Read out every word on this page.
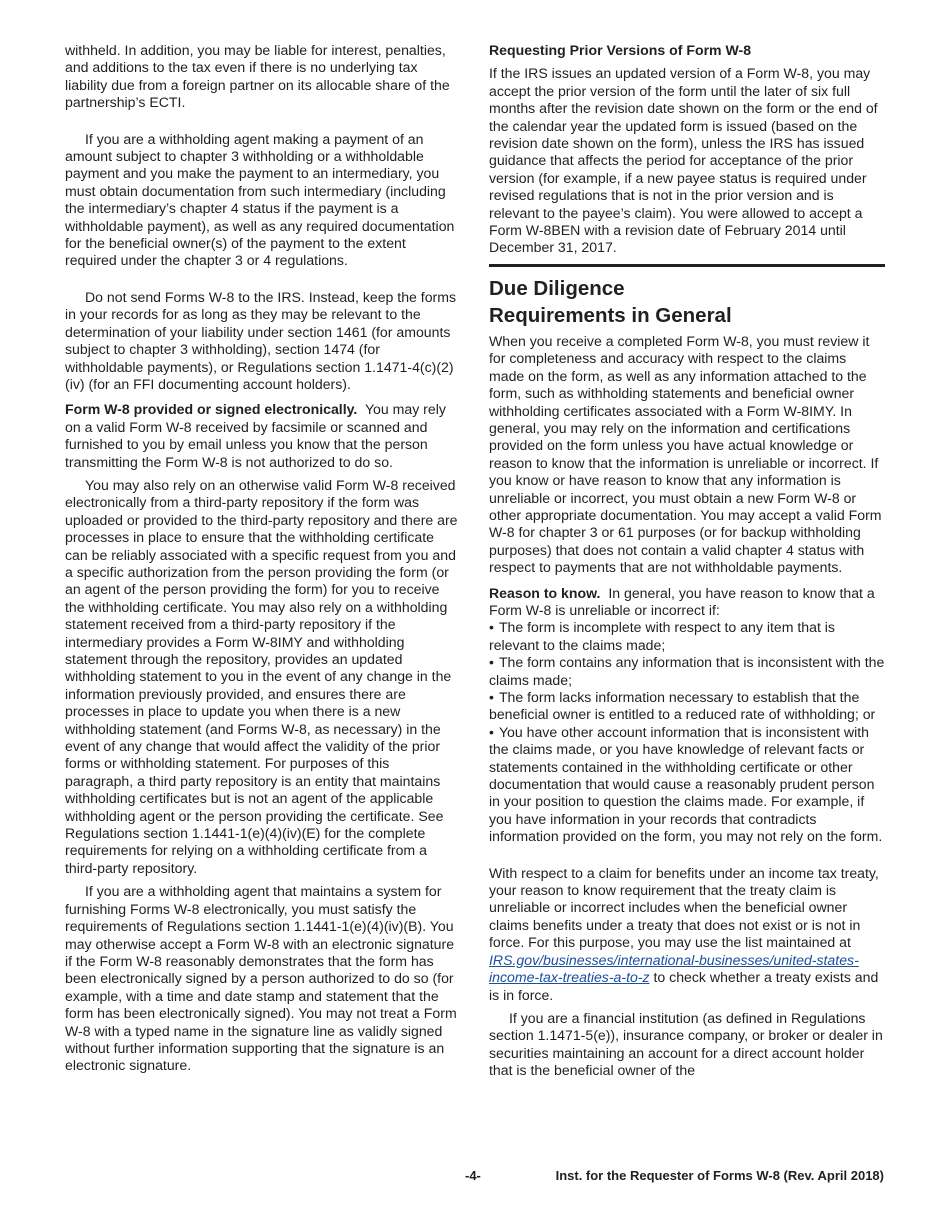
withheld. In addition, you may be liable for interest, penalties, and additions to the tax even if there is no underlying tax liability due from a foreign partner on its allocable share of the partnership’s ECTI.

If you are a withholding agent making a payment of an amount subject to chapter 3 withholding or a withholdable payment and you make the payment to an intermediary, you must obtain documentation from such intermediary (including the intermediary’s chapter 4 status if the payment is a withholdable payment), as well as any required documentation for the beneficial owner(s) of the payment to the extent required under the chapter 3 or 4 regulations.

Do not send Forms W-8 to the IRS. Instead, keep the forms in your records for as long as they may be relevant to the determination of your liability under section 1461 (for amounts subject to chapter 3 withholding), section 1474 (for withholdable payments), or Regulations section 1.1471-4(c)(2)(iv) (for an FFI documenting account holders).

Form W-8 provided or signed electronically. You may rely on a valid Form W-8 received by facsimile or scanned and furnished to you by email unless you know that the person transmitting the Form W-8 is not authorized to do so.

You may also rely on an otherwise valid Form W-8 received electronically from a third-party repository if the form was uploaded or provided to the third-party repository and there are processes in place to ensure that the withholding certificate can be reliably associated with a specific request from you and a specific authorization from the person providing the form (or an agent of the person providing the form) for you to receive the withholding certificate. You may also rely on a withholding statement received from a third-party repository if the intermediary provides a Form W-8IMY and withholding statement through the repository, provides an updated withholding statement to you in the event of any change in the information previously provided, and ensures there are processes in place to update you when there is a new withholding statement (and Forms W-8, as necessary) in the event of any change that would affect the validity of the prior forms or withholding statement. For purposes of this paragraph, a third party repository is an entity that maintains withholding certificates but is not an agent of the applicable withholding agent or the person providing the certificate. See Regulations section 1.1441-1(e)(4)(iv)(E) for the complete requirements for relying on a withholding certificate from a third-party repository.

If you are a withholding agent that maintains a system for furnishing Forms W-8 electronically, you must satisfy the requirements of Regulations section 1.1441-1(e)(4)(iv)(B). You may otherwise accept a Form W-8 with an electronic signature if the Form W-8 reasonably demonstrates that the form has been electronically signed by a person authorized to do so (for example, with a time and date stamp and statement that the form has been electronically signed). You may not treat a Form W-8 with a typed name in the signature line as validly signed without further information supporting that the signature is an electronic signature.

Requesting Prior Versions of Form W-8

If the IRS issues an updated version of a Form W-8, you may accept the prior version of the form until the later of six full months after the revision date shown on the form or the end of the calendar year the updated form is issued (based on the revision date shown on the form), unless the IRS has issued guidance that affects the period for acceptance of the prior version (for example, if a new payee status is required under revised regulations that is not in the prior version and is relevant to the payee’s claim). You were allowed to accept a Form W-8BEN with a revision date of February 2014 until December 31, 2017.

Due Diligence
Requirements in General

When you receive a completed Form W-8, you must review it for completeness and accuracy with respect to the claims made on the form, as well as any information attached to the form, such as withholding statements and beneficial owner withholding certificates associated with a Form W-8IMY. In general, you may rely on the information and certifications provided on the form unless you have actual knowledge or reason to know that the information is unreliable or incorrect. If you know or have reason to know that any information is unreliable or incorrect, you must obtain a new Form W-8 or other appropriate documentation. You may accept a valid Form W-8 for chapter 3 or 61 purposes (or for backup withholding purposes) that does not contain a valid chapter 4 status with respect to payments that are not withholdable payments.

Reason to know. In general, you have reason to know that a Form W-8 is unreliable or incorrect if:

• The form is incomplete with respect to any item that is relevant to the claims made;

• The form contains any information that is inconsistent with the claims made;

• The form lacks information necessary to establish that the beneficial owner is entitled to a reduced rate of withholding; or

• You have other account information that is inconsistent with the claims made, or you have knowledge of relevant facts or statements contained in the withholding certificate or other documentation that would cause a reasonably prudent person in your position to question the claims made. For example, if you have information in your records that contradicts information provided on the form, you may not rely on the form.

With respect to a claim for benefits under an income tax treaty, your reason to know requirement that the treaty claim is unreliable or incorrect includes when the beneficial owner claims benefits under a treaty that does not exist or is not in force. For this purpose, you may use the list maintained at IRS.gov/businesses/international-businesses/united-states-income-tax-treaties-a-to-z to check whether a treaty exists and is in force.

If you are a financial institution (as defined in Regulations section 1.1471-5(e)), insurance company, or broker or dealer in securities maintaining an account for a direct account holder that is the beneficial owner of the

-4-	Inst. for the Requester of Forms W-8 (Rev. April 2018)
